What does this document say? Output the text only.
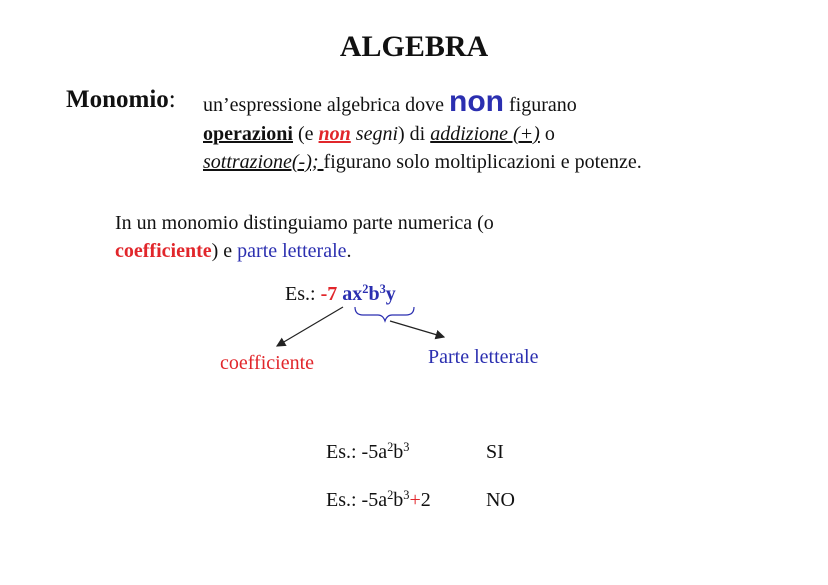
ALGEBRA
Monomio: un’espressione algebrica dove non figurano
operazioni (e non segni) di addizione (+) o
sottrazione(-); figurano solo moltiplicazioni e potenze.
In un monomio distinguiamo parte numerica (o
coefficiente) e parte letterale.
Es.: -7 $ax^2b^3y$
coefficiente	Parte letterale
Es.: $-5a^2b^3$	SI
Es.: $-5a^2b^3+2$	NO
